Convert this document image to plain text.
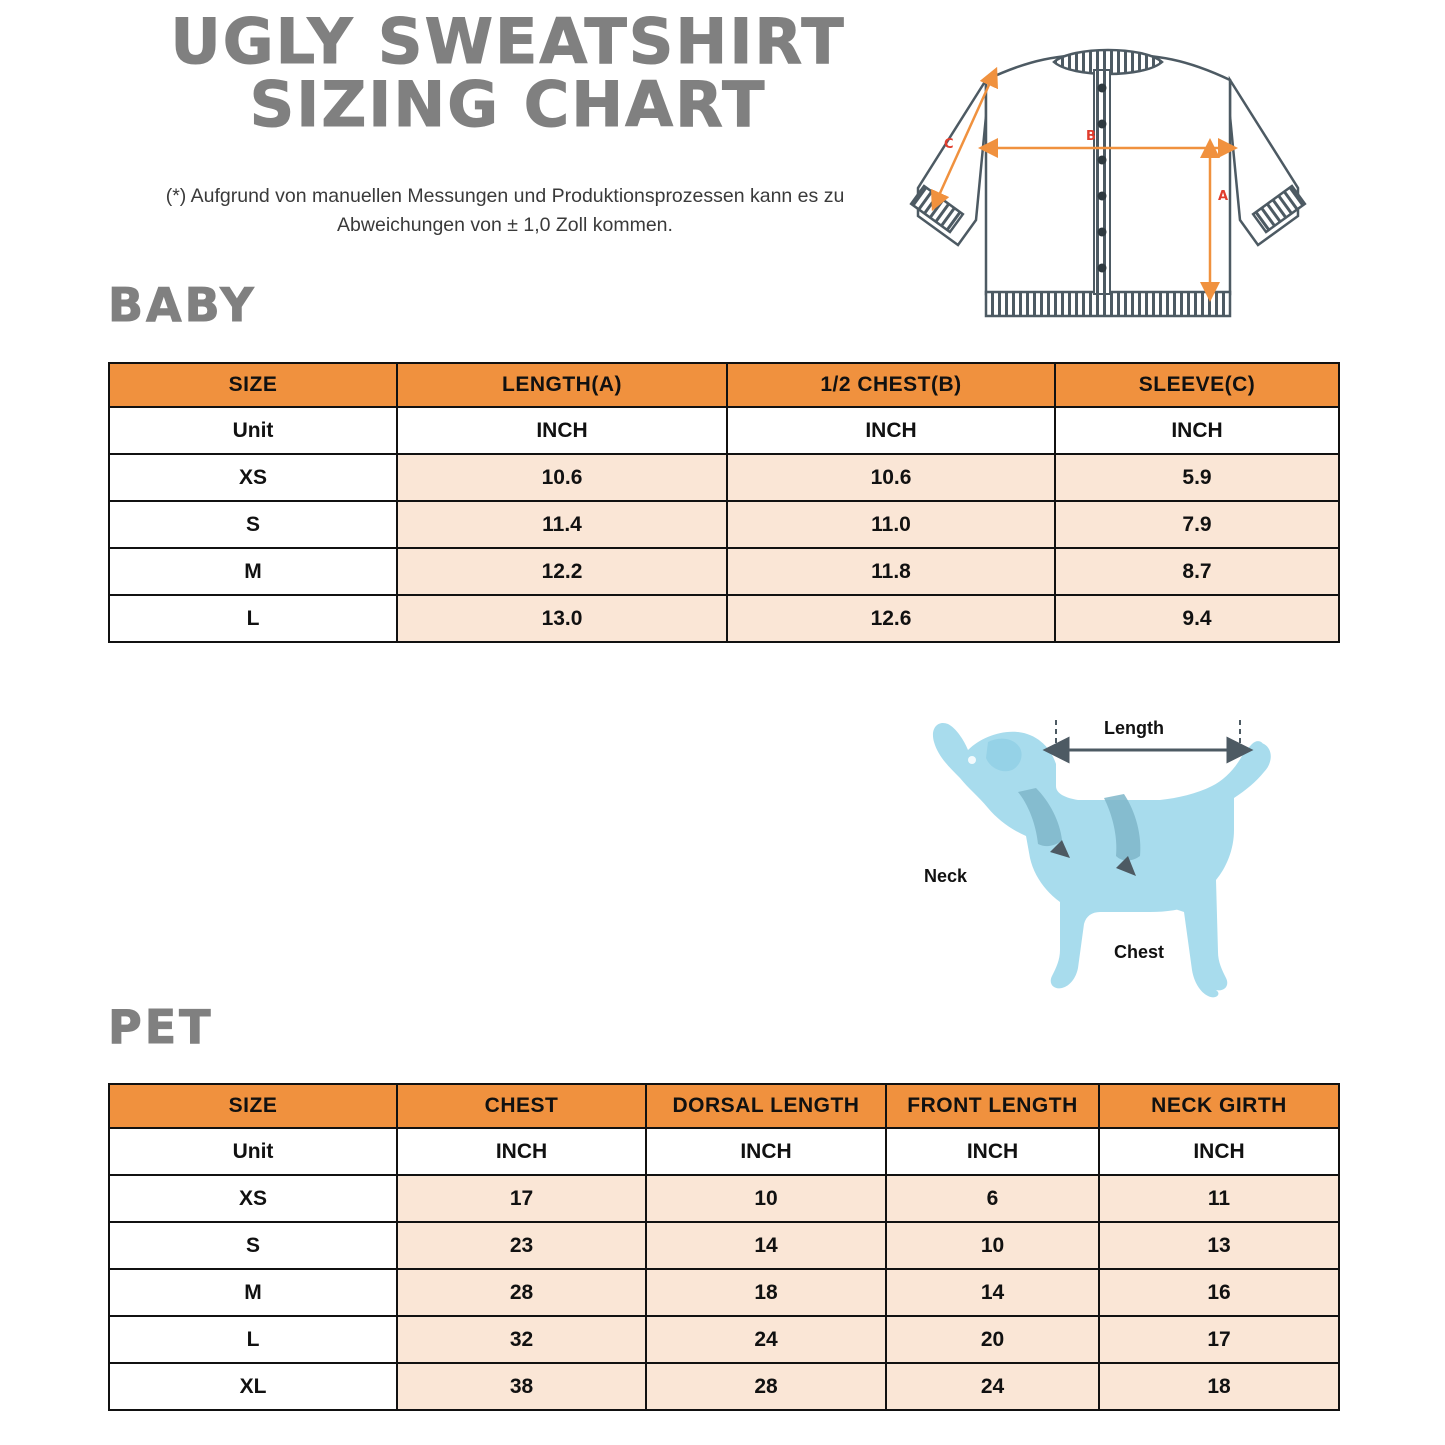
UGLY SWEATSHIRT
SIZING CHART
(*) Aufgrund von manuellen Messungen und Produktionsprozessen kann es zu Abweichungen von ± 1,0 Zoll kommen.
A
B
C
BABY
SIZE	LENGTH(A)	1/2 CHEST(B)	SLEEVE(C)
Unit	INCH	INCH	INCH
XS	10.6	10.6	5.9
S	11.4	11.0	7.9
M	12.2	11.8	8.7
L	13.0	12.6	9.4
Length
Neck
Chest
PET
SIZE	CHEST	DORSAL LENGTH	FRONT LENGTH	NECK GIRTH
Unit	INCH	INCH	INCH	INCH
XS	17	10	6	11
S	23	14	10	13
M	28	18	14	16
L	32	24	20	17
XL	38	28	24	18
